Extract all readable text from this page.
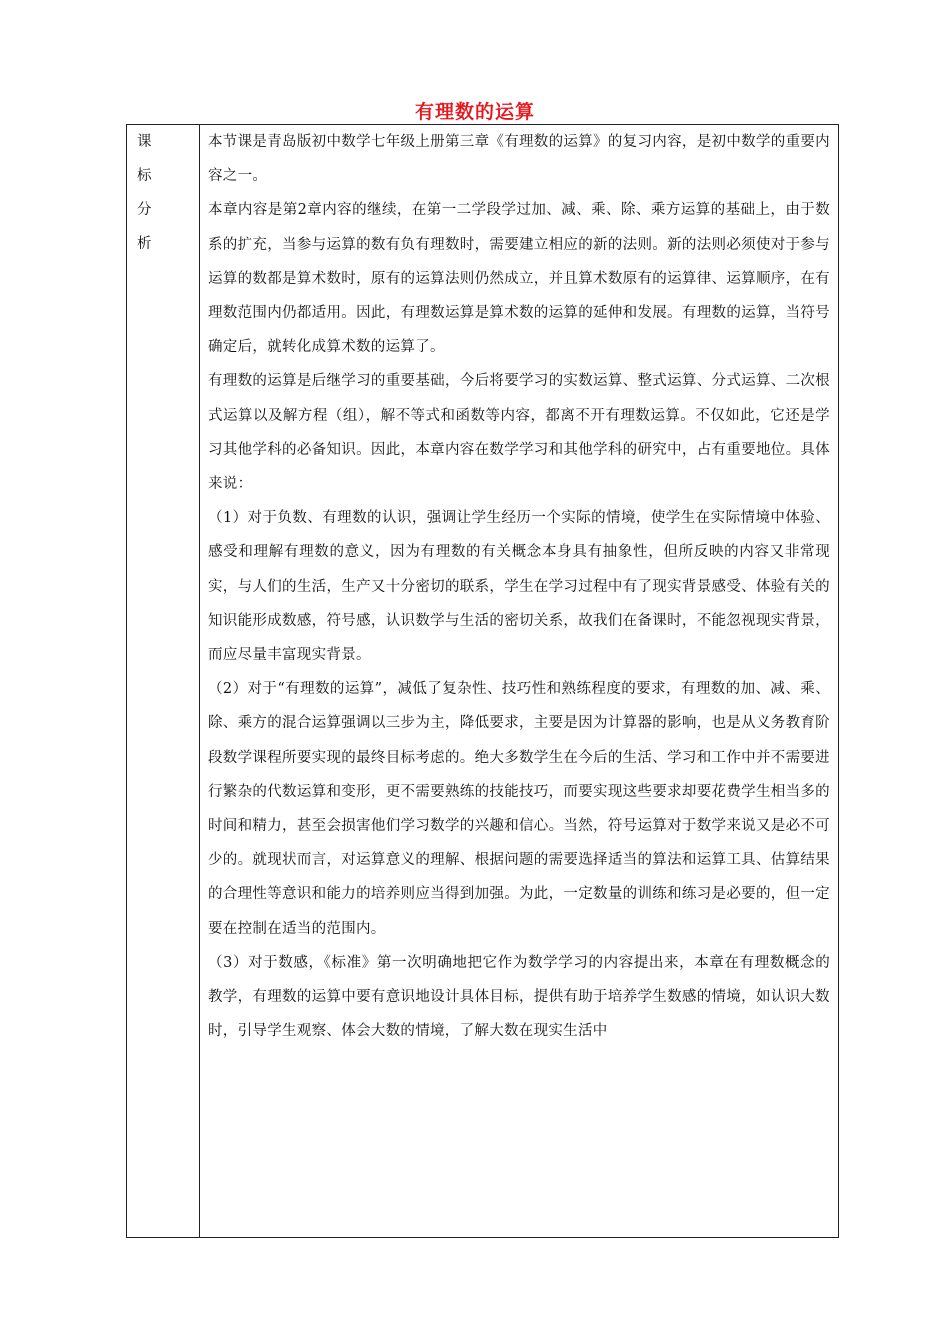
有理数的运算
课
标
分
析

本节课是青岛版初中数学七年级上册第三章《有理数的运算》的复习内容，是初中数学的重要内容之一。

本章内容是第2章内容的继续，在第一二学段学过加、减、乘、除、乘方运算的基础上，由于数系的扩充，当参与运算的数有负有理数时，需要建立相应的新的法则。新的法则必须使对于参与运算的数都是算术数时，原有的运算法则仍然成立，并且算术数原有的运算律、运算顺序，在有理数范围内仍都适用。因此，有理数运算是算术数的运算的延伸和发展。有理数的运算，当符号确定后，就转化成算术数的运算了。

有理数的运算是后继学习的重要基础，今后将要学习的实数运算、整式运算、分式运算、二次根式运算以及解方程（组），解不等式和函数等内容，都离不开有理数运算。不仅如此，它还是学习其他学科的必备知识。因此，本章内容在数学学习和其他学科的研究中，占有重要地位。具体来说：

（1）对于负数、有理数的认识，强调让学生经历一个实际的情境，使学生在实际情境中体验、感受和理解有理数的意义，因为有理数的有关概念本身具有抽象性，但所反映的内容又非常现实，与人们的生活，生产又十分密切的联系，学生在学习过程中有了现实背景感受、体验有关的知识能形成数感，符号感，认识数学与生活的密切关系，故我们在备课时，不能忽视现实背景，而应尽量丰富现实背景。

（2）对于“有理数的运算”，减低了复杂性、技巧性和熟练程度的要求，有理数的加、减、乘、除、乘方的混合运算强调以三步为主，降低要求，主要是因为计算器的影响，也是从义务教育阶段数学课程所要实现的最终目标考虑的。绝大多数学生在今后的生活、学习和工作中并不需要进行繁杂的代数运算和变形，更不需要熟练的技能技巧，而要实现这些要求却要花费学生相当多的时间和精力，甚至会损害他们学习数学的兴趣和信心。当然，符号运算对于数学来说又是必不可少的。就现状而言，对运算意义的理解、根据问题的需要选择适当的算法和运算工具、估算结果的合理性等意识和能力的培养则应当得到加强。为此，一定数量的训练和练习是必要的，但一定要在控制在适当的范围内。

（3）对于数感，《标准》第一次明确地把它作为数学学习的内容提出来，本章在有理数概念的教学，有理数的运算中要有意识地设计具体目标，提供有助于培养学生数感的情境，如认识大数时，引导学生观察、体会大数的情境，了解大数在现实生活中
